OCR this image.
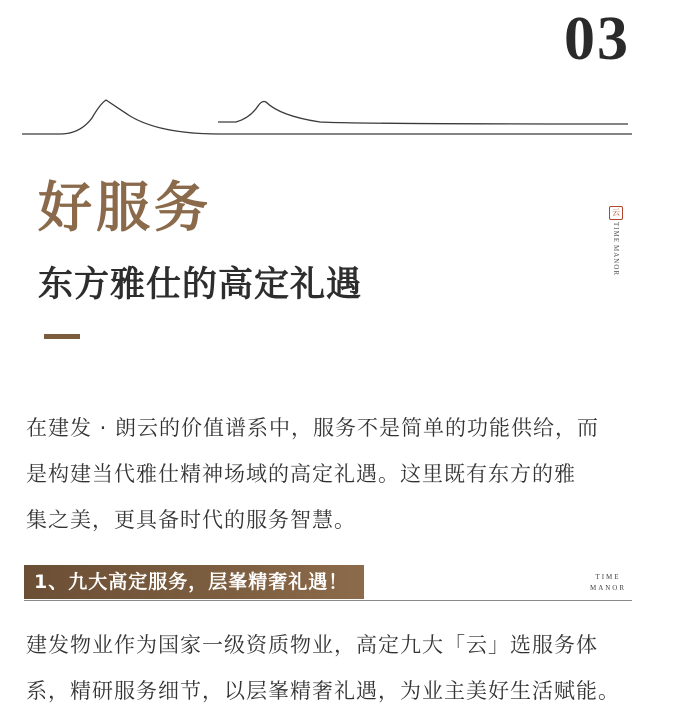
03
好服务
东方雅仕的高定礼遇
云
TIME
MANOR

在建发 · 朗云的价值谱系中，服务不是简单的功能供给，而

是构建当代雅仕精神场域的高定礼遇。这里既有东方的雅

集之美，更具备时代的服务智慧。

1、九大高定服务，层峯精奢礼遇！	TIME
MANOR

建发物业作为国家一级资质物业，高定九大「云」选服务体

系，精研服务细节，以层峯精奢礼遇，为业主美好生活赋能。
